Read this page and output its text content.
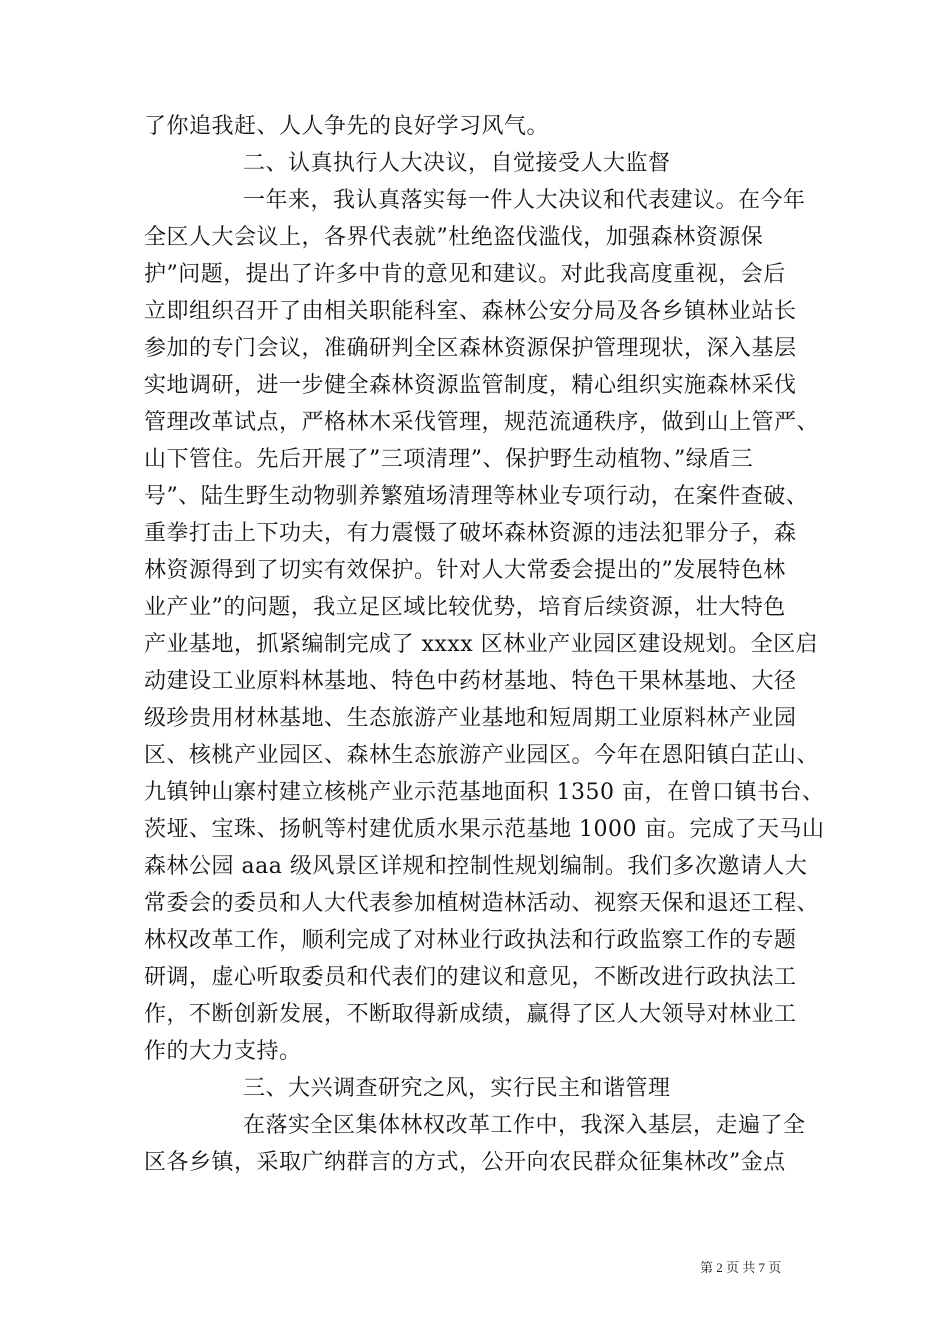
了你追我赶、人人争先的良好学习风气。
二、认真执行人大决议，自觉接受人大监督
一年来，我认真落实每一件人大决议和代表建议。在今年
全区人大会议上，各界代表就”杜绝盗伐滥伐，加强森林资源保
护”问题，提出了许多中肯的意见和建议。对此我高度重视，会后
立即组织召开了由相关职能科室、森林公安分局及各乡镇林业站长
参加的专门会议，准确研判全区森林资源保护管理现状，深入基层
实地调研，进一步健全森林资源监管制度，精心组织实施森林采伐
管理改革试点，严格林木采伐管理，规范流通秩序，做到山上管严、
山下管住。先后开展了”三项清理”、保护野生动植物、”绿盾三
号”、陆生野生动物驯养繁殖场清理等林业专项行动，在案件查破、
重拳打击上下功夫，有力震慑了破坏森林资源的违法犯罪分子，森
林资源得到了切实有效保护。针对人大常委会提出的”发展特色林
业产业”的问题，我立足区域比较优势，培育后续资源，壮大特色
产业基地，抓紧编制完成了 xxxx 区林业产业园区建设规划。全区启
动建设工业原料林基地、特色中药材基地、特色干果林基地、大径
级珍贵用材林基地、生态旅游产业基地和短周期工业原料林产业园
区、核桃产业园区、森林生态旅游产业园区。今年在恩阳镇白芷山、
九镇钟山寨村建立核桃产业示范基地面积 1350 亩，在曾口镇书台、
茨垭、宝珠、扬帆等村建优质水果示范基地 1000 亩。完成了天马山
森林公园 aaa 级风景区详规和控制性规划编制。我们多次邀请人大
常委会的委员和人大代表参加植树造林活动、视察天保和退还工程、
林权改革工作，顺利完成了对林业行政执法和行政监察工作的专题
研调，虚心听取委员和代表们的建议和意见，不断改进行政执法工
作，不断创新发展，不断取得新成绩，赢得了区人大领导对林业工
作的大力支持。
三、大兴调查研究之风，实行民主和谐管理
在落实全区集体林权改革工作中，我深入基层，走遍了全
区各乡镇，采取广纳群言的方式，公开向农民群众征集林改”金点
第 2 页 共 7 页
